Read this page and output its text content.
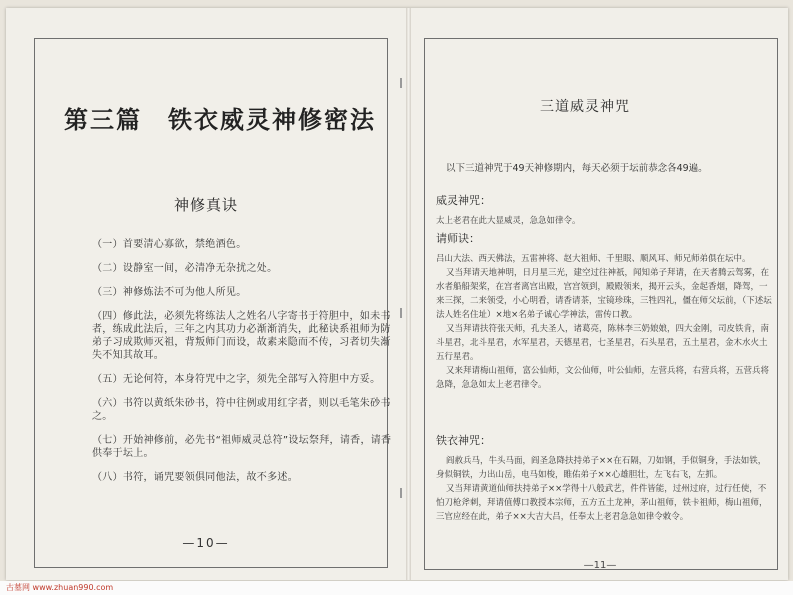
第三篇　铁衣威灵神修密法
神修真诀
（一）首要清心寡欲，禁绝酒色。
（二）设静室一间，必清净无杂扰之处。
（三）神修炼法不可为他人所见。
（四）修此法，必须先将练法人之姓名八字寄书于符胆中，如未书者，练成此法后，三年之内其功力必渐渐消失，此秘诀系祖师为防弟子习成欺师灭祖，背叛师门而设，故素来隐而不传，习者切失渐失不知其故耳。
（五）无论何符，本身符咒中之字，须先全部写入符胆中方妥。
（六）书符以黄纸朱砂书，符中往例或用红字者，则以毛笔朱砂书之。
（七）开始神修前，必先书“祖师威灵总符”设坛祭拜，请香，请香供奉于坛上。
（八）书符，诵咒要领俱同他法，故不多述。
—10—
三道威灵神咒
以下三道神咒于49天神修期内，每天必须于坛前恭念各49遍。
威灵神咒：
太上老君在此大显威灵，急急如律令。
请师诀：
吕山大法、西天佛法，五雷神将、赵大祖师、千里眼、顺风耳、师兄师弟俱在坛中。
又当拜请天地神明，日月星三光，建空过往神祇，闻知弟子拜请，在天者腾云驾雾，在水者船船架桨，在宫者离宫出殿，宫宫领到，殿殿领来，揭开云头，金起香烟，降驾，一来三探，二来领受，小心明看，请香请茶，宝镜珍珠，三牲四礼，僵在师父坛前，（下述坛法人姓名住址）×地×名弟子诚心学神法，雷传口教。
又当拜请扶符张天师，孔夫圣人，诸葛亮，陈林李三奶娘娘，四大金刚，司皮铁肯，南斗星君，北斗星君，水军星君，天德星君，七圣星君，石头星君，五土星君，金木水火土五行星君。
又来拜请梅山祖师，富公仙师，文公仙师，叶公仙师，左营兵将，右营兵将，五营兵将急降，急急如太上老君律令。
铁衣神咒：
阎赦兵马，牛头马面，阎圣急降扶持弟子××在石隔，刀如钢，手似铜身，手法如铁，身似铜铁，力出山岳，电马如梭，睢佑弟子××心雄胆壮，左飞右飞，左抓。
又当拜请黄道仙师扶持弟子××学得十八般武艺，件件皆能，过州过府，过行任使，不怕刀枪斧刺，拜请值傅口教授本宗师，五方五土龙神，茅山祖师，铁卡祖师，梅山祖师，三官应经在此，弟子××大吉大吕，任奉太上老君急急如律令敕令。
—11—
古墓网 www.zhuan990.com
